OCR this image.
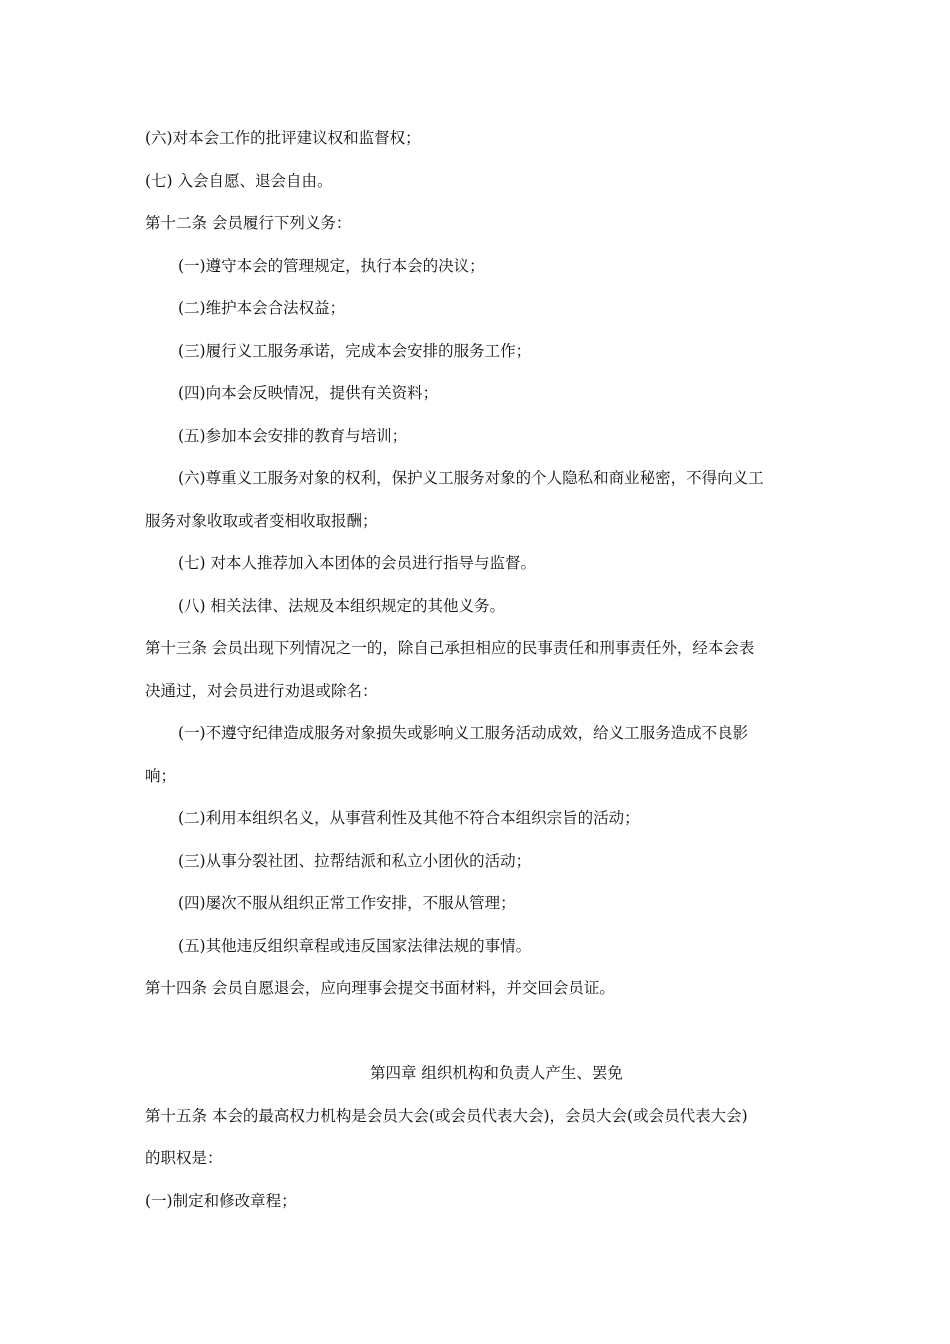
(六)对本会工作的批评建议权和监督权；
(七) 入会自愿、退会自由。
第十二条 会员履行下列义务：
(一)遵守本会的管理规定，执行本会的决议；
(二)维护本会合法权益；
(三)履行义工服务承诺，完成本会安排的服务工作；
(四)向本会反映情况，提供有关资料；
(五)参加本会安排的教育与培训；
(六)尊重义工服务对象的权利，保护义工服务对象的个人隐私和商业秘密，不得向义工
服务对象收取或者变相收取报酬；
(七) 对本人推荐加入本团体的会员进行指导与监督。
(八) 相关法律、法规及本组织规定的其他义务。
第十三条 会员出现下列情况之一的，除自己承担相应的民事责任和刑事责任外，经本会表
决通过，对会员进行劝退或除名：
(一)不遵守纪律造成服务对象损失或影响义工服务活动成效，给义工服务造成不良影
响；
(二)利用本组织名义，从事营利性及其他不符合本组织宗旨的活动；
(三)从事分裂社团、拉帮结派和私立小团伙的活动；
(四)屡次不服从组织正常工作安排，不服从管理；
(五)其他违反组织章程或违反国家法律法规的事情。
第十四条 会员自愿退会，应向理事会提交书面材料，并交回会员证。
第四章 组织机构和负责人产生、罢免
第十五条 本会的最高权力机构是会员大会(或会员代表大会)，会员大会(或会员代表大会)
的职权是：
(一)制定和修改章程；
